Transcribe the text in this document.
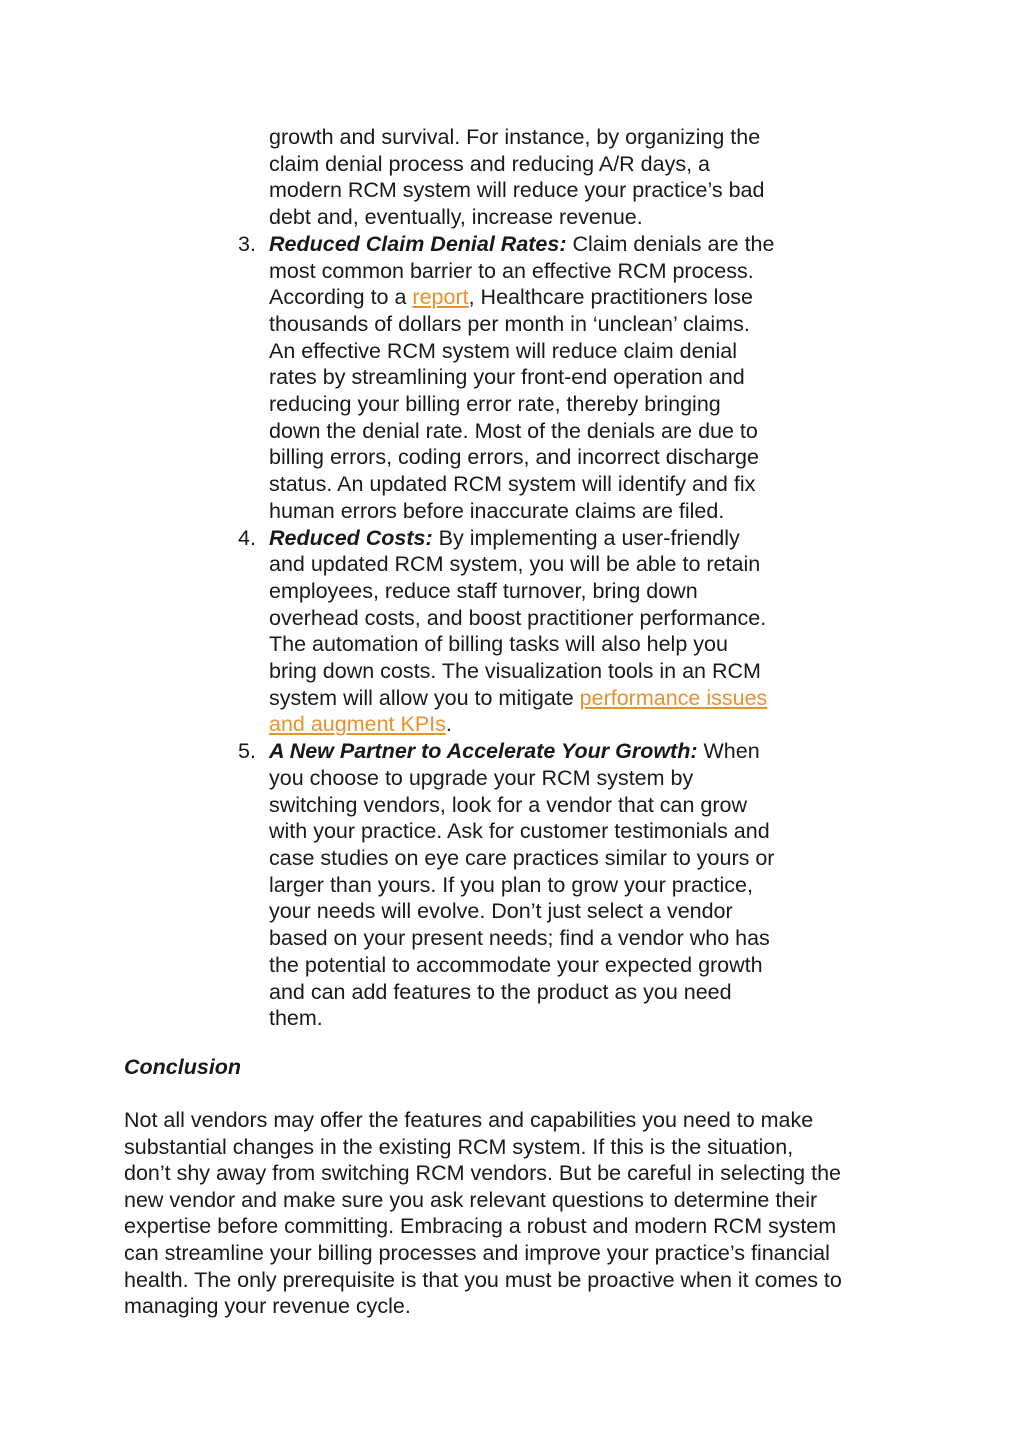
growth and survival. For instance, by organizing the
claim denial process and reducing A/R days, a
modern RCM system will reduce your practice’s bad
debt and, eventually, increase revenue.
3. Reduced Claim Denial Rates: Claim denials are the
most common barrier to an effective RCM process.
According to a report, Healthcare practitioners lose
thousands of dollars per month in ‘unclean’ claims.
An effective RCM system will reduce claim denial
rates by streamlining your front-end operation and
reducing your billing error rate, thereby bringing
down the denial rate. Most of the denials are due to
billing errors, coding errors, and incorrect discharge
status. An updated RCM system will identify and fix
human errors before inaccurate claims are filed.
4. Reduced Costs: By implementing a user-friendly
and updated RCM system, you will be able to retain
employees, reduce staff turnover, bring down
overhead costs, and boost practitioner performance.
The automation of billing tasks will also help you
bring down costs. The visualization tools in an RCM
system will allow you to mitigate performance issues
and augment KPIs.
5. A New Partner to Accelerate Your Growth: When
you choose to upgrade your RCM system by
switching vendors, look for a vendor that can grow
with your practice. Ask for customer testimonials and
case studies on eye care practices similar to yours or
larger than yours. If you plan to grow your practice,
your needs will evolve. Don’t just select a vendor
based on your present needs; find a vendor who has
the potential to accommodate your expected growth
and can add features to the product as you need
them.
Conclusion
Not all vendors may offer the features and capabilities you need to make
substantial changes in the existing RCM system. If this is the situation,
don’t shy away from switching RCM vendors. But be careful in selecting the
new vendor and make sure you ask relevant questions to determine their
expertise before committing. Embracing a robust and modern RCM system
can streamline your billing processes and improve your practice’s financial
health. The only prerequisite is that you must be proactive when it comes to
managing your revenue cycle.
